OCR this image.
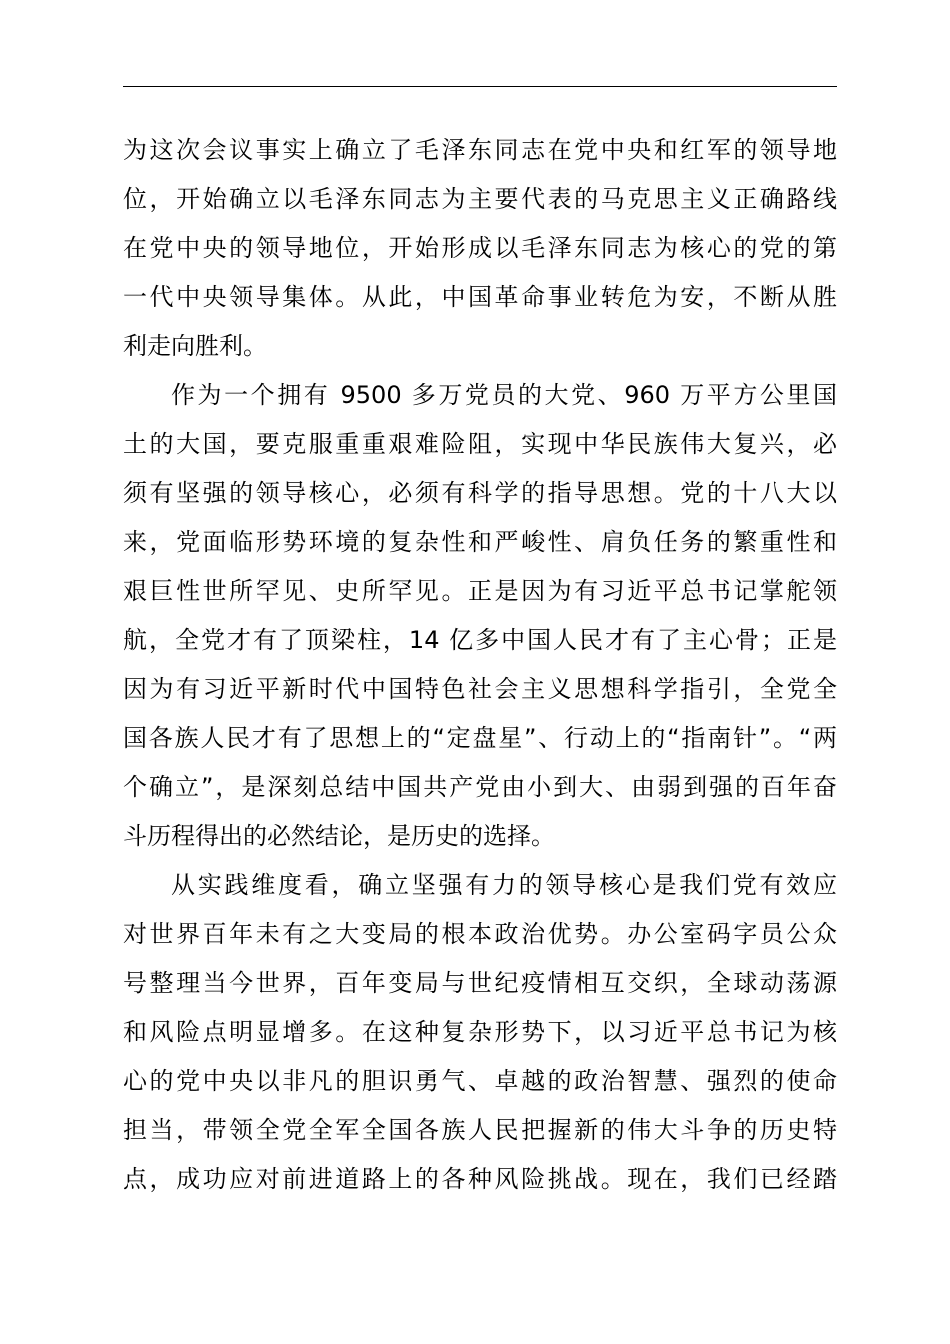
为这次会议事实上确立了毛泽东同志在党中央和红军的领导地
位，开始确立以毛泽东同志为主要代表的马克思主义正确路线
在党中央的领导地位，开始形成以毛泽东同志为核心的党的第
一代中央领导集体。从此，中国革命事业转危为安，不断从胜
利走向胜利。
作为一个拥有 9500 多万党员的大党、960 万平方公里国
土的大国，要克服重重艰难险阻，实现中华民族伟大复兴，必
须有坚强的领导核心，必须有科学的指导思想。党的十八大以
来，党面临形势环境的复杂性和严峻性、肩负任务的繁重性和
艰巨性世所罕见、史所罕见。正是因为有习近平总书记掌舵领
航，全党才有了顶梁柱，14 亿多中国人民才有了主心骨；正是
因为有习近平新时代中国特色社会主义思想科学指引，全党全
国各族人民才有了思想上的“定盘星”、行动上的“指南针”。“两
个确立”，是深刻总结中国共产党由小到大、由弱到强的百年奋
斗历程得出的必然结论，是历史的选择。
从实践维度看，确立坚强有力的领导核心是我们党有效应
对世界百年未有之大变局的根本政治优势。办公室码字员公众
号整理当今世界，百年变局与世纪疫情相互交织，全球动荡源
和风险点明显增多。在这种复杂形势下，以习近平总书记为核
心的党中央以非凡的胆识勇气、卓越的政治智慧、强烈的使命
担当，带领全党全军全国各族人民把握新的伟大斗争的历史特
点，成功应对前进道路上的各种风险挑战。现在，我们已经踏
